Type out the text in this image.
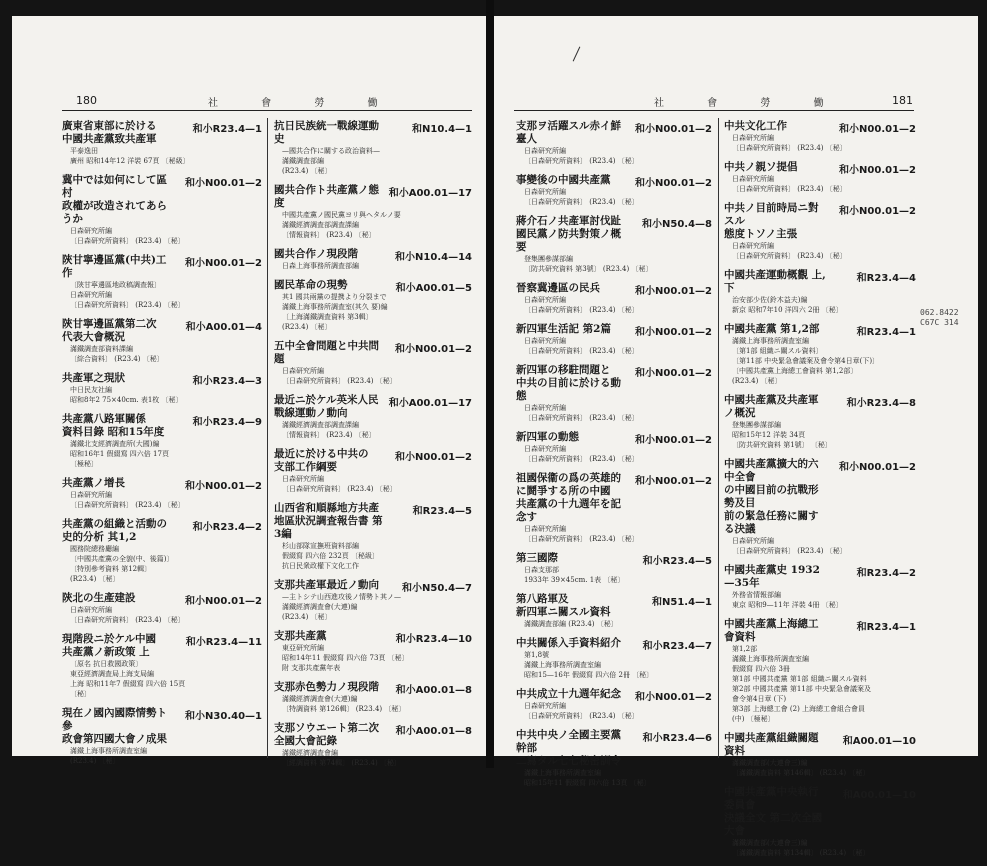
180	社 會 勞 働
廣東省東部に於ける
中國共產黨致共產軍
和小R23.4—1
平泰逸田
廣州 昭和14年12 洋裝 67頁 〔秘級〕
冀中では如何にして區村
政權が改造されてあらうか
和小N00.01—2
日森研究所編
〔日森研究所資料〕 (R23.4) 〔秘〕
陝甘寧邊區黨(中共)工作
和小N00.01—2
〔陝甘寧邊區地政稿調查報〕
日森研究所編
〔日森研究所資料〕 (R23.4) 〔秘〕
陝甘寧邊區黨第二次
代表大會概況
和小A00.01—4
滿鐵調査部資料課編
〔綜合資料〕 (R23.4) 〔秘〕
共產軍之現狀	和小R23.4—3
中日民友社編
昭和8年2 75×40cm. 表1枚 〔秘〕
共產黨八路軍關係
資料目錄 昭和15年度
和小R23.4—9
滿鐵北支經濟調査所(大國)編
昭和16年1 假綴寫 四六倍 17頁
〔極秘〕
共產黨ノ增長	和小N00.01—2
日森研究所編
〔日森研究所資料〕 (R23.4) 〔秘〕
共產黨の組織と活動の
史的分析 其1,2
和小R23.4—2
國務院總務廳編
〔中國共產黨の全貌(中、後篇)〕
〔特別參考資料 第12輯〕
(R23.4) 〔秘〕
陝北の生產建設	和小N00.01—2
日森研究所編
〔日森研究所資料〕 (R23.4) 〔秘〕
現階段ニ於ケル中國
共產黨ノ新政策 上
和小R23.4—11
〔原名 抗日救國政策〕
東亞經濟調査局上海支局編
上海 昭和11年7 假綴寫 四六倍 15頁
〔秘〕
現在ノ國內國際情勢ト參
政會第四國大會ノ成果
和小N30.40—1
滿鐵上海事務所調査室編
(R23.4) 〔秘〕
抗日民族統一戰線運動史
和N10.4—1
—國共合作に關する政治資料—
滿鐵調査部編
(R23.4) 〔秘〕
國共合作ト共產黨ノ態度
和小A00.01—17
中國共產黨ノ國民黨ヨリ與ヘタルノ要
滿鐵經濟調査部調査課編
〔情報資料〕 (R23.4) 〔秘〕
國共合作ノ現段階	和小N10.4—14
日森上海事務所調査部編
國民革命の現勢	和小A00.01—5
其1 國共兩黨の提携より分裂まで
滿鐵上海事務所調査室(其久 要)編
〔上海滿鐵調査資料 第3輯〕
(R23.4) 〔秘〕
五中全會問題と中共問題
和小N00.01—2
日森研究所編
〔日森研究所資料〕 (R23.4) 〔秘〕
最近ニ於ケル英米人民
戰線運動ノ動向
和小A00.01—17
滿鐵經濟調査部調査課編
〔情報資料〕 (R23.4) 〔秘〕
最近に於ける中共の
支部工作綱要
和小N00.01—2
日森研究所編
〔日森研究所資料〕 (R23.4) 〔秘〕
山西省和順縣地方共產
地區狀況調査報告書 第3編
和R23.4—5
杉山部隊宣撫班資料部編
假綴寫 四六倍 232頁 〔秘級〕
抗日民衆政權下文化工作
支那共產軍最近ノ動向	和小N50.4—7
—主トシテ山西進攻後ノ情勢ト其ノ—
滿鐵經濟調査會(大連)編
(R23.4) 〔秘〕
支那共產黨	和小R23.4—10
東亞研究所編
昭和14年11 假綴寫 四六倍 73頁 〔秘〕
附 支那共產黨年表
支那赤色勢力ノ現段階	和小A00.01—8
滿鐵經濟調査會(大連)編
〔特調資料 第126輯〕 (R23.4) 〔秘〕
支那ソウエート第二次
全國大會記錄
和小A00.01—8
滿鐵經濟調査會編
〔經調資料 第74輯〕 (R23.4) 〔秘〕
181
社 會 勞 働
支那ヲ活躍スル赤イ鮮臺人
和小N00.01—2
日森研究所編
〔日森研究所資料〕 (R23.4) 〔秘〕
事變後の中國共產黨	和小N00.01—2
日森研究所編
〔日森研究所資料〕 (R23.4) 〔秘〕
蔣介石ノ共產軍討伐趾
國民黨ノ防共對策ノ概要
和小N50.4—8
登集團參謀部編
〔防共研究資料 第3號〕 (R23.4) 〔秘〕
晉察冀邊區の民兵	和小N00.01—2
日森研究所編
〔日森研究所資料〕 (R23.4) 〔秘〕
新四軍生活記 第2篇	和小N00.01—2
日森研究所編
〔日森研究所資料〕 (R23.4) 〔秘〕
新四軍の移駐問題と
中共の目前に於ける動態
和小N00.01—2
日森研究所編
〔日森研究所資料〕 (R23.4) 〔秘〕
新四軍の動態	和小N00.01—2
日森研究所編
〔日森研究所資料〕 (R23.4) 〔秘〕
祖國保衞の爲の英雄的
に鬪爭する所の中國
共產黨の十九週年を記念す
和小N00.01—2
日森研究所編
〔日森研究所資料〕 (R23.4) 〔秘〕
第三國際	和小R23.4—5
日森支那部
1933年 39×45cm. 1表 〔秘〕
第八路軍及
新四軍ニ關スル資料
和N51.4—1
滿鐵調査部編 (R23.4) 〔秘〕
中共關係入手資料紹介	和小R23.4—7
第1,8號
滿鐵上海事務所調査室編
昭和15—16年 假綴寫 四六倍 2冊 〔秘〕
中共成立十九週年紀念	和小N00.01—2
日森研究所編
〔日森研究所資料〕 (R23.4) 〔秘〕
中共中央ノ全國主要黨幹部
二寫タル七七秘密訓令
和小R23.4—6
滿鐵上海事務所調査室編
昭和15年11 假綴寫 四六倍 13頁 〔秘〕
中共文化工作	和小N00.01—2
日森研究所編
〔日森研究所資料〕 (R23.4) 〔秘〕
中共ノ親ソ提倡	和小N00.01—2
日森研究所編
〔日森研究所資料〕 (R23.4) 〔秘〕
中共ノ目前時局ニ對スル
態度トソノ主張
和小N00.01—2
日森研究所編
〔日森研究所資料〕 (R23.4) 〔秘〕
中國共產運動概觀 上,下
和R23.4—4
治安部少佐(鈴木益夫)編
新京 昭和7年10 洋四六 2冊 〔秘〕
中國共產黨 第1,2部	和R23.4—1
滿鐵上海事務所調査室編
〔第1部 組織ニ關スル資料〕
〔第11部 中央緊急會議案及會令第4日章(下)〕
〔中國共產黨上海總工會資料 第1,2部〕
(R23.4) 〔秘〕
中國共產黨及共產軍ノ概況
和小R23.4—8
登集團參謀部編
昭和15年12 洋裝 34頁
〔防共研究資料 第1號〕 〔秘〕
中國共產黨擴大的六中全會
の中國目前の抗戰形勢及目
前の緊急任務に關する決議
和小N00.01—2
日森研究所編
〔日森研究所資料〕 (R23.4) 〔秘〕
中國共產黨史 1932—35年
和R23.4—2
外務省情報部編
東京 昭和9—11年 洋裝 4冊 〔秘〕
中國共產黨上海總工會資料
和R23.4—1
第1,2部
滿鐵上海事務所調査室編
假綴寫 四六倍 3冊
第1部 中國共產黨 第1部 組織ニ關スル資料
第2部 中國共產黨 第11部 中央緊急會議案及
會令第4日章 (下)
第3部 上海總工會 (2) 上海總工會組合會員
(中) 〔極秘〕
中國共產黨組織關題資料
和A00.01—10
滿鐵調査部(大連會三)編
〔滿鐵調査資料 第146輯〕 (R23.4) 〔秘〕
中國共產黨中央執行委員會
決議全文 第二次全國大會
和A00.01—10
滿鐵調査部(大連會三)編
〔滿鐵調査資料 第134輯〕 (R23.4) 〔秘〕
062.8422
C67C 314
